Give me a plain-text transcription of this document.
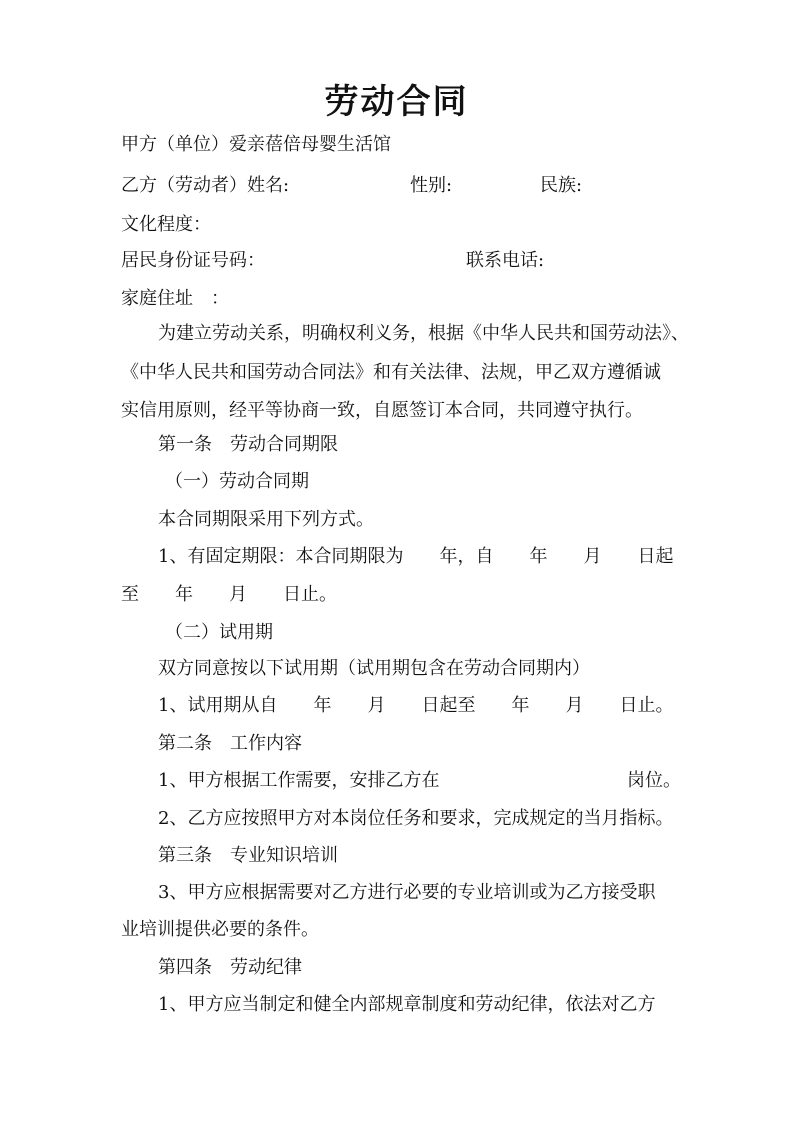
劳动合同
甲方（单位）爱亲蓓倍母婴生活馆
乙方（劳动者）姓名:	性别:	民族:
文化程度：
居民身份证号码：	联系电话:
家庭住址　：
为建立劳动关系，明确权利义务，根据《中华人民共和国劳动法》、
《中华人民共和国劳动合同法》和有关法律、法规，甲乙双方遵循诚
实信用原则，经平等协商一致，自愿签订本合同，共同遵守执行。
第一条　劳动合同期限
（一）劳动合同期
本合同期限采用下列方式。
1、有固定期限：本合同期限为　　年，自　　年　　月　　日起
至　　年　　月　　日止。
（二）试用期
双方同意按以下试用期（试用期包含在劳动合同期内）
1、试用期从自　　年　　月　　日起至　　年　　月　　日止。
第二条　工作内容
1、甲方根据工作需要，安排乙方在	岗位。
2、乙方应按照甲方对本岗位任务和要求，完成规定的当月指标。
第三条　专业知识培训
3、甲方应根据需要对乙方进行必要的专业培训或为乙方接受职
业培训提供必要的条件。
第四条　劳动纪律
1、甲方应当制定和健全内部规章制度和劳动纪律，依法对乙方
